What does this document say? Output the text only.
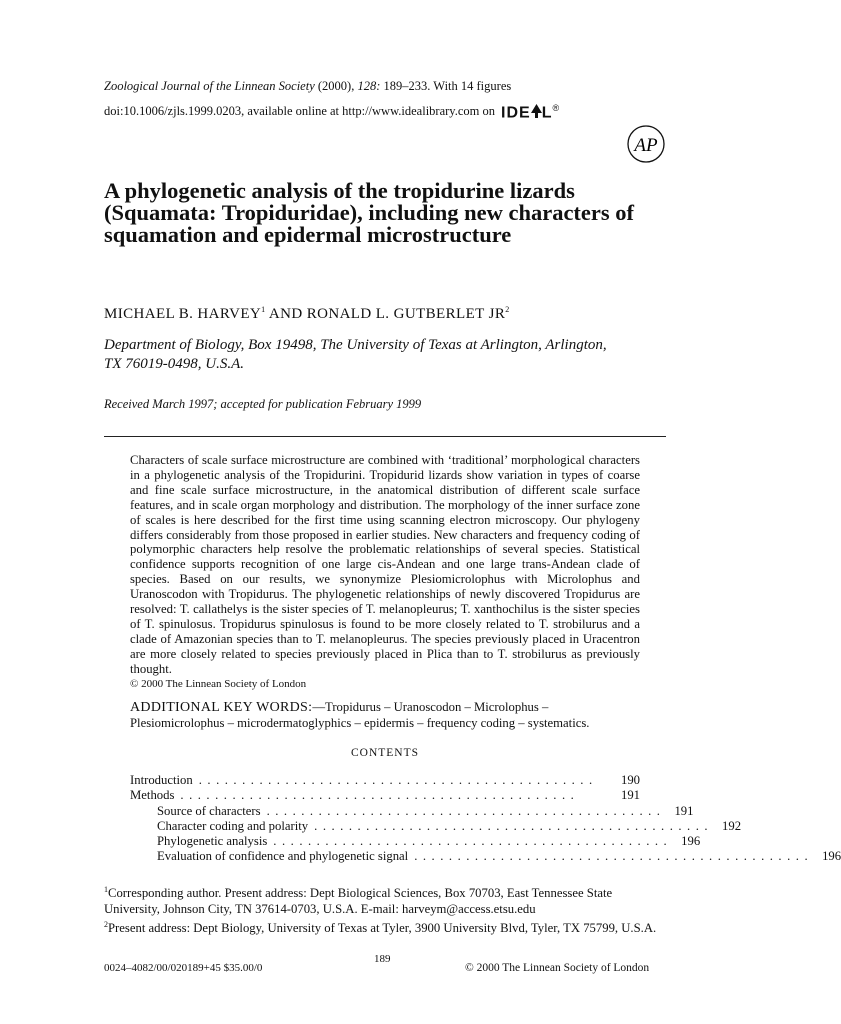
Zoological Journal of the Linnean Society (2000), 128: 189–233. With 14 figures
doi:10.1006/zjls.1999.0203, available online at http://www.idealibrary.com on IDE L®
AP
A phylogenetic analysis of the tropidurine lizards (Squamata: Tropiduridae), including new characters of squamation and epidermal microstructure
MICHAEL B. HARVEY$^1$ AND RONALD L. GUTBERLET $JR^2$
Department of Biology, Box 19498, The University of Texas at Arlington, Arlington, TX 76019-0498, U.S.A.
Received March 1997; accepted for publication February 1999

Characters of scale surface microstructure are combined with ‘traditional’ morphological characters in a phylogenetic analysis of the Tropidurini. Tropidurid lizards show variation in types of coarse and fine scale surface microstructure, in the anatomical distribution of different scale surface features, and in scale organ morphology and distribution. The morphology of the inner surface zone of scales is here described for the first time using scanning electron microscopy. Our phylogeny differs considerably from those proposed in earlier studies. New characters and frequency coding of polymorphic characters help resolve the problematic relationships of several species. Statistical confidence supports recognition of one large cis-Andean and one large trans-Andean clade of species. Based on our results, we synonymize Plesiomicrolophus with Microlophus and Uranoscodon with Tropidurus. The phylogenetic relationships of newly discovered Tropidurus are resolved: T. callathelys is the sister species of T. melanopleurus; T. xanthochilus is the sister species of T. spinulosus. Tropidurus spinulosus is found to be more closely related to T. strobilurus and a clade of Amazonian species than to T. melanopleurus. The species previously placed in Uracentron are more closely related to species previously placed in Plica than to T. strobilurus as previously thought.

© 2000 The Linnean Society of London
ADDITIONAL KEY WORDS:—Tropidurus – Uranoscodon – Microlophus – Plesiomicrolophus – microdermatoglyphics – epidermis – frequency coding – systematics.
CONTENTS
Introduction ..............................................	190
Methods ..............................................	191
Source of characters .............................................. 191
Character coding and polarity .............................................. 192
Phylogenetic analysis .............................................. 196
Evaluation of confidence and phylogenetic signal .............................................. 196
$^1$Corresponding author. Present address: Dept Biological Sciences, Box 70703, East Tennessee State University, Johnson City, TN 37614-0703, U.S.A. E-mail: harveym@access.etsu.edu
$^2$Present address: Dept Biology, University of Texas at Tyler, 3900 University Blvd, Tyler, TX 75799, U.S.A.
189
0024–4082/00/020189+45 $35.00/0	© 2000 The Linnean Society of London
